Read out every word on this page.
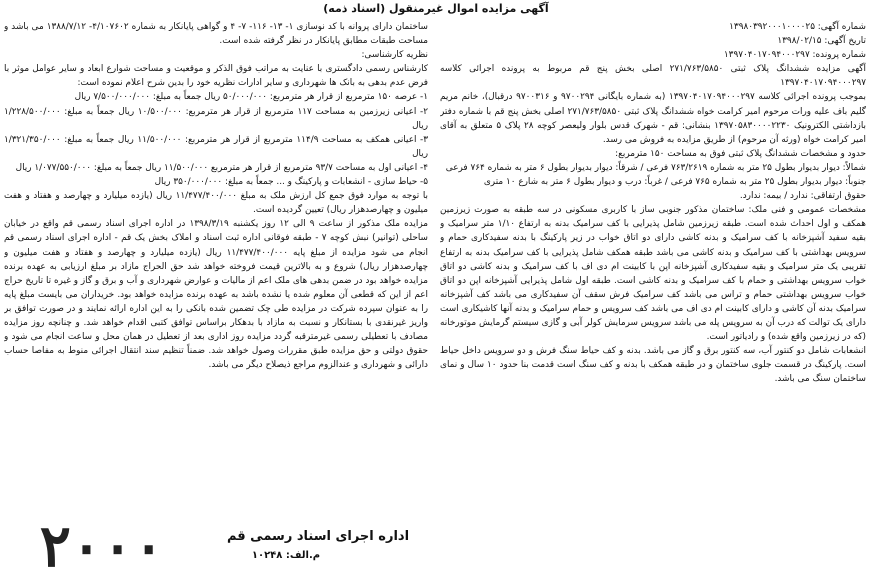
آگهی مزایده اموال غیرمنقول (اسناد ذمه)

شماره آگهی: ۱۳۹۸۰۳۹۲۰۰۰۱۰۰۰۰۲۵

تاریخ آگهی: ۱۳۹۸/۰۲/۱۵

شماره پرونده: ۱۳۹۷۰۴۰۱۷۰۹۴۰۰۰۲۹۷

آگهی مزایده ششدانگ پلاک ثبتی ۲۷۱/۷۶۳/۵۸۵۰ اصلی بخش پنج قم مربوط به پرونده اجرائی کلاسه ۱۳۹۷۰۴۰۱۷۰۹۴۰۰۰۲۹۷

بموجب پرونده اجرائی کلاسه ۱۳۹۷۰۴۰۱۷۰۹۴۰۰۰۲۹۷ (به شماره بایگانی ۹۷۰۰۲۹۴ و ۹۷۰۰۳۱۶ درقبال)، خانم مریم گلیم باف علیه ورات مرحوم امیر کرامت خواه ششدانگ پلاک ثبتی ۲۷۱/۷۶۳/۵۸۵۰ اصلی بخش پنج قم با شماره دفتر بازداشتی الکترونیک ۱۳۹۷۰۵۸۳۰۰۰۰۲۲۳۰ بنشانی: قم - شهرک قدس بلوار ولیعصر کوچه ۲۸ پلاک ۵ متعلق به آقای امیر کرامت خواه (ورثه آن مرحوم) از طریق مزایده به فروش می رسد.

حدود و مشخصات ششدانگ پلاک ثبتی فوق به مساحت ۱۵۰ مترمربع:

شمالاً: دیوار بدیوار بطول ۲۵ متر به شماره ۷۶۳/۲۶۱۹ فرعی / شرقاً: دیوار بدیوار بطول ۶ متر به شماره ۷۶۴ فرعی

جنوباً: دیوار بدیوار بطول ۲۵ متر به شماره ۷۶۵ فرعی / غرباً: درب و دیوار بطول ۶ متر به شارع ۱۰ متری

حقوق ارتفاقی: ندارد / بیمه: ندارد.

مشخصات عمومی و فنی ملک: ساختمان مذکور جنوبی ساز با کاربری مسکونی در سه طبقه به صورت زیرزمین همکف و اول احداث شده است. طبقه زیرزمین شامل پذیرایی با کف سرامیک بدنه به ارتفاع ۱/۱۰ متر سرامیک و بقیه سفید آشپزخانه با کف سرامیک و بدنه کاشی دارای دو اتاق خواب در زیر پارکینگ با بدنه سفیدکاری حمام و سرویس بهداشتی با کف سرامیک و بدنه کاشی می باشد طبقه همکف شامل پذیرایی با کف سرامیک بدنه به ارتفاع تقریبی یک متر سرامیک و بقیه سفیدکاری آشپزخانه اپن با کابینت ام دی اف با کف سرامیک و بدنه کاشی دو اتاق خواب سرویس بهداشتی و حمام با کف سرامیک و بدنه کاشی است. طبقه اول شامل پذیرایی آشپزخانه اپن دو اتاق خواب سرویس بهداشتی حمام و تراس می باشد کف سرامیک فرش سقف آن سفیدکاری می باشد کف آشپزخانه سرامیک بدنه آن کاشی و دارای کابینت ام دی اف می باشد کف سرویس و حمام سرامیک و بدنه آنها کاشیکاری است دارای یک توالت که درب آن به سرویس پله می باشد سرویس سرمایش کولر آبی و گازی سیستم گرمایش موتورخانه (که در زیرزمین واقع شده) و رادیاتور است.

انشعابات شامل دو کنتور آب، سه کنتور برق و گاز می باشد. بدنه و کف حیاط سنگ فرش و دو سرویس داخل حیاط است. پارکینگ در قسمت جلوی ساختمان و در طبقه همکف با بدنه و کف سنگ است قدمت بنا حدود ۱۰ سال و نمای ساختمان سنگ می باشد.

ساختمان دارای پروانه با کد نوسازی ۱- ۱۳- ۱۱۶- ۷- ۴ و گواهی پایانکار به شماره ۴/۱۰۷۶۰۲- ۱۳۸۸/۷/۱۲ می باشد و مساحت طبقات مطابق پایانکار در نظر گرفته شده است.

نظریه کارشناسی:

کارشناس رسمی دادگستری با عنایت به مراتب فوق الذکر و موقعیت و مساحت شوارع ابعاد و سایر عوامل موثر با فرض عدم بدهی به بانک ها شهرداری و سایر ادارات نظریه خود را بدین شرح اعلام نموده است:

۱- عرصه ۱۵۰ مترمربع از قرار هر مترمربع: ۵۰/۰۰۰/۰۰۰ ریال جمعاً به مبلغ: ۷/۵۰۰/۰۰۰/۰۰۰ ریال

۲- اعیانی زیرزمین به مساحت ۱۱۷ مترمربع از قرار هر مترمربع: ۱۰/۵۰۰/۰۰۰ ریال جمعاً به مبلغ: ۱/۲۲۸/۵۰۰/۰۰۰ ریال

۳- اعیانی همکف به مساحت ۱۱۴/۹ مترمربع از قرار هر مترمربع: ۱۱/۵۰۰/۰۰۰ ریال جمعاً به مبلغ: ۱/۳۲۱/۳۵۰/۰۰۰ ریال

۴- اعیانی اول به مساحت ۹۳/۷ مترمربع از قرار هر مترمربع ۱۱/۵۰۰/۰۰۰ ریال جمعاً به مبلغ: ۱/۰۷۷/۵۵۰/۰۰۰ ریال

۵- حیاط سازی - انشعابات و پارکینگ و ... جمعاً به مبلغ: ۳۵۰/۰۰۰/۰۰۰ ریال

با توجه به موارد فوق جمع کل ارزش ملک به مبلغ ۱۱/۴۷۷/۴۰۰/۰۰۰ ریال (یازده میلیارد و چهارصد و هفتاد و هفت میلیون و چهارصدهزار ریال) تعیین گردیده است.

مزایده ملک مذکور از ساعت ۹ الی ۱۲ روز یکشنبه ۱۳۹۸/۳/۱۹ در اداره اجرای اسناد رسمی قم واقع در خیابان ساحلی (توانیر) نبش کوچه ۷ - طبقه فوقانی اداره ثبت اسناد و املاک بخش یک قم - اداره اجرای اسناد رسمی قم انجام می شود مزایده از مبلغ پایه ۱۱/۴۷۷/۴۰۰/۰۰۰ ریال (یازده میلیارد و چهارصد و هفتاد و هفت میلیون و چهارصدهزار ریال) شروع و به بالاترین قیمت فروخته خواهد شد حق الحراج مازاد بر مبلغ ارزیابی به عهده برنده مزایده خواهد بود در ضمن بدهی های ملک اعم از مالیات و عوارض شهرداری و آب و برق و گاز و غیره تا تاریخ حراج اعم از این که قطعی آن معلوم شده یا نشده باشد به عهده برنده مزایده خواهد بود. خریداران می بایست مبلغ پایه را به عنوان سپرده شرکت در مزایده طی چک تضمین شده بانکی را به این اداره ارائه نمایند و در صورت توافق بر واریز غیرنقدی با بستانکار و نسبت به مازاد با بدهکار براساس توافق کتبی اقدام خواهد شد. و چنانچه روز مزایده مصادف با تعطیلی رسمی غیرمترقبه گردد مزایده روز اداری بعد از تعطیل در همان محل و ساعت انجام می شود و حقوق دولتی و حق مزایده طبق مقررات وصول خواهد شد. ضمناً تنظیم سند انتقال اجرائی منوط به مفاصا حساب دارائی و شهرداری و عندالزوم مراجع ذیصلاح دیگر می باشد.

اداره اجرای اسناد رسمی قم
م.الف: ۱۰۲۴۸
۲۰۰۰
